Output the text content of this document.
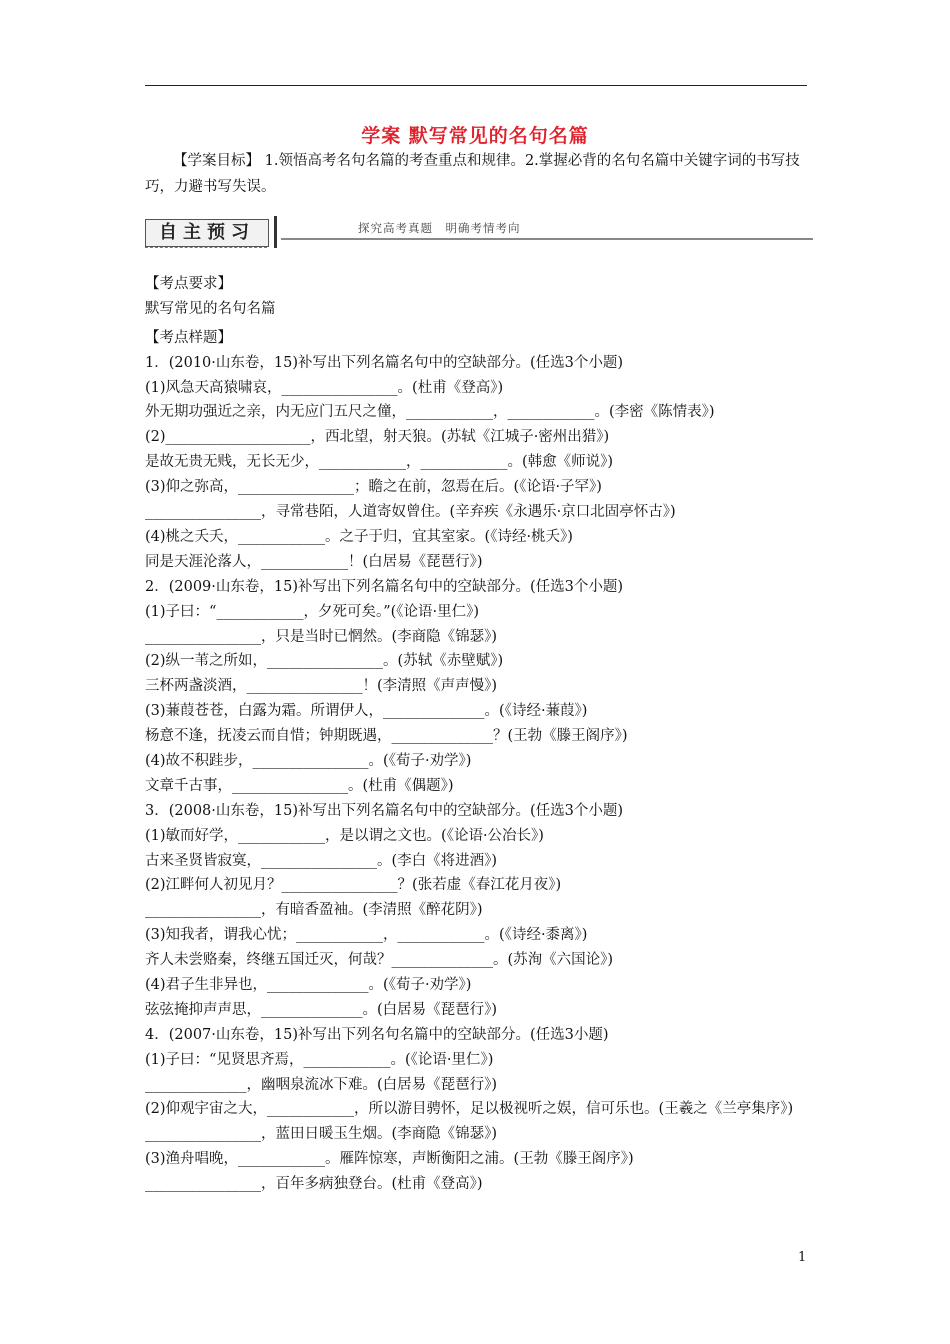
学案 默写常见的名句名篇
【学案目标】 1.领悟高考名句名篇的考查重点和规律。2.掌握必背的名句名篇中关键字词的书写技巧，力避书写失误。
自主预习	探究高考真题　明确考情考向
【考点要求】
默写常见的名句名篇
【考点样题】
1．(2010·山东卷，15)补写出下列名篇名句中的空缺部分。(任选3个小题)
(1)风急天高猿啸哀，________________。(杜甫《登高》)
外无期功强近之亲，内无应门五尺之僮，____________，____________。(李密《陈情表》)
(2)____________________，西北望，射天狼。(苏轼《江城子·密州出猎》)
是故无贵无贱，无长无少，____________，____________。(韩愈《师说》)
(3)仰之弥高，________________；瞻之在前，忽焉在后。(《论语·子罕》)
________________，寻常巷陌，人道寄奴曾住。(辛弃疾《永遇乐·京口北固亭怀古》)
(4)桃之夭夭，____________。之子于归，宜其室家。(《诗经·桃夭》)
同是天涯沦落人，____________！(白居易《琵琶行》)
2．(2009·山东卷，15)补写出下列名篇名句中的空缺部分。(任选3个小题)
(1)子曰：“____________，夕死可矣。”(《论语·里仁》)
________________，只是当时已惘然。(李商隐《锦瑟》)
(2)纵一苇之所如，________________。(苏轼《赤壁赋》)
三杯两盏淡酒，________________！(李清照《声声慢》)
(3)蒹葭苍苍，白露为霜。所谓伊人，______________。(《诗经·蒹葭》)
杨意不逢，抚凌云而自惜；钟期既遇，______________？(王勃《滕王阁序》)
(4)故不积跬步，________________。(《荀子·劝学》)
文章千古事，________________。(杜甫《偶题》)
3．(2008·山东卷，15)补写出下列名篇名句中的空缺部分。(任选3个小题)
(1)敏而好学，____________，是以谓之文也。(《论语·公冶长》)
古来圣贤皆寂寞，________________。(李白《将进酒》)
(2)江畔何人初见月？________________？(张若虚《春江花月夜》)
________________，有暗香盈袖。(李清照《醉花阴》)
(3)知我者，谓我心忧；____________，____________。(《诗经·黍离》)
齐人未尝赂秦，终继五国迁灭，何哉？______________。(苏洵《六国论》)
(4)君子生非异也，______________。(《荀子·劝学》)
弦弦掩抑声声思，______________。(白居易《琵琶行》)
4．(2007·山东卷，15)补写出下列名句名篇中的空缺部分。(任选3小题)
(1)子曰：“见贤思齐焉，____________。(《论语·里仁》)
______________，幽咽泉流冰下难。(白居易《琵琶行》)
(2)仰观宇宙之大，____________，所以游目骋怀，足以极视听之娱，信可乐也。(王羲之《兰亭集序》)
________________，蓝田日暖玉生烟。(李商隐《锦瑟》)
(3)渔舟唱晚，____________。雁阵惊寒，声断衡阳之浦。(王勃《滕王阁序》)
________________，百年多病独登台。(杜甫《登高》)
1
